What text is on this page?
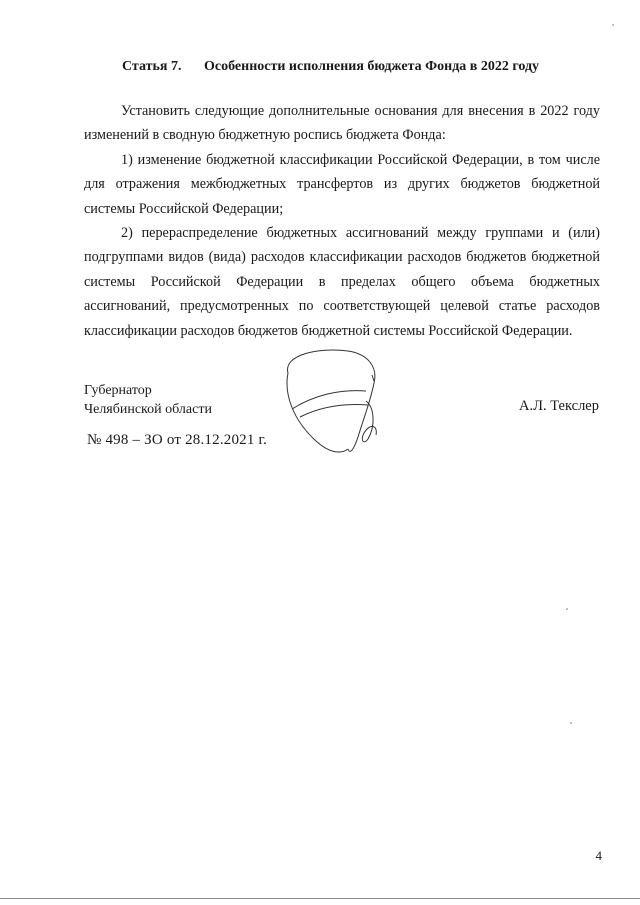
Статья 7. Особенности исполнения бюджета Фонда в 2022 году

Установить следующие дополнительные основания для внесения в 2022 году изменений в сводную бюджетную роспись бюджета Фонда:

1) изменение бюджетной классификации Российской Федерации, в том числе для отражения межбюджетных трансфертов из других бюджетов бюджетной системы Российской Федерации;

2) перераспределение бюджетных ассигнований между группами и (или) подгруппами видов (вида) расходов классификации расходов бюджетов бюджетной системы Российской Федерации в пределах общего объема бюджетных ассигнований, предусмотренных по соответствующей целевой статье расходов классификации расходов бюджетов бюджетной системы Российской Федерации.

Губернатор
Челябинской области	А.Л. Текслер
№ 498 – ЗО от 28.12.2021 г.
4
